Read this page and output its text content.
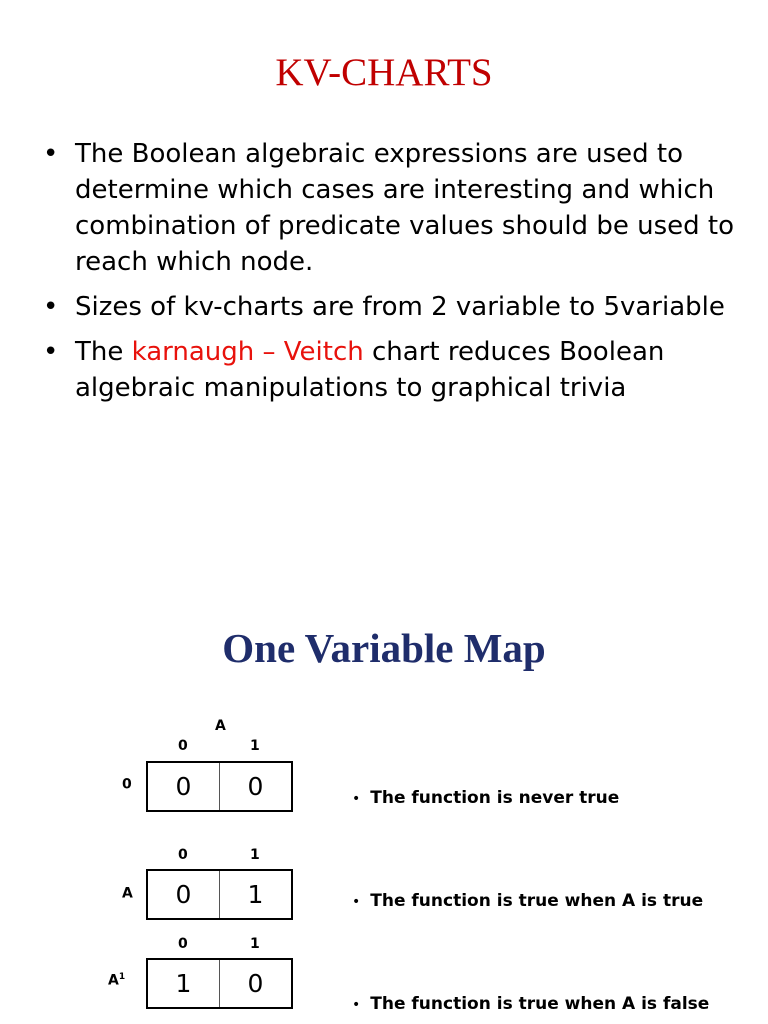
KV-CHARTS
• The Boolean algebraic expressions are used to determine which cases are interesting and which combination of predicate values should be used to reach which node.
• Sizes of kv-charts are from 2 variable to 5variable
• The karnaugh – Veitch chart reduces Boolean algebraic manipulations to graphical trivia
One Variable Map
A
0	1
0	0	0	• The function is never true
0	1
A	0	1	• The function is true when A is true
0	1
$A^1$	1	0
• The function is true when A is false
